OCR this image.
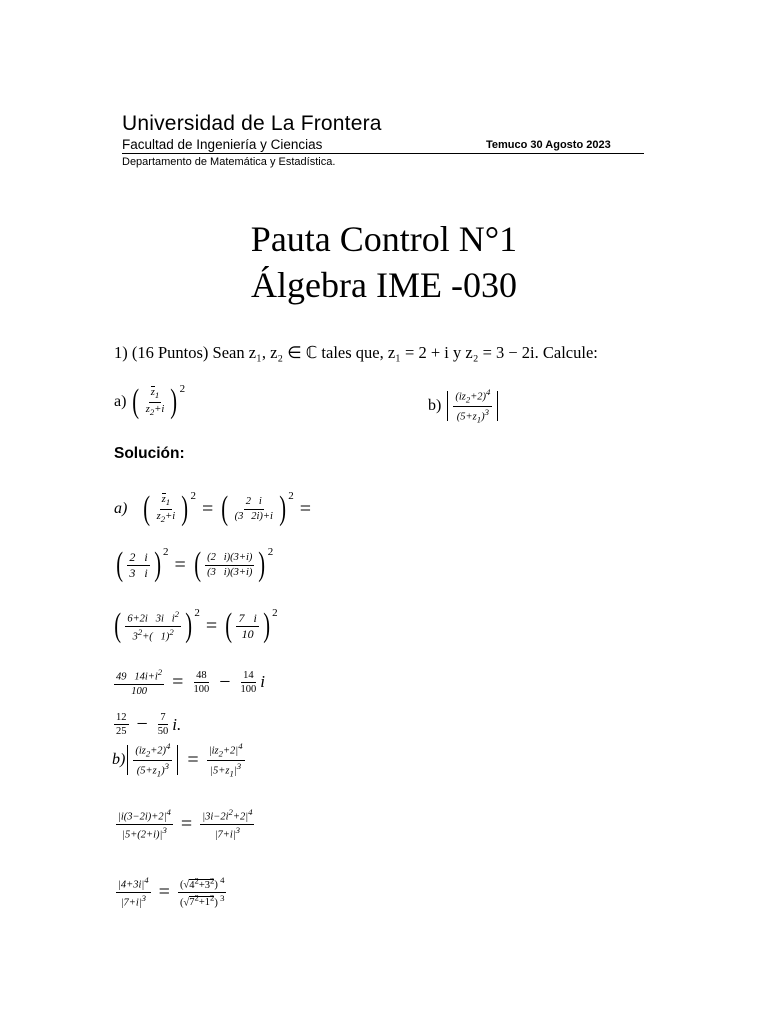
Universidad de La Frontera
Facultad de Ingeniería y Ciencias	Temuco 30 Agosto 2023
Departamento de Matemática y Estadística.
Pauta Control N°1
Álgebra IME -030
1) (16 Puntos) Sean z₁, z₂ ∈ ℂ tales que, z₁ = 2 + i y z₂ = 3 − 2i. Calcule:
a) ( $\frac{z_1}{z_2+i}$ ) 2
$b) \frac{(iz_2+2)^4}{(5+z_1)^3}$
Solución:
a) ( $\frac{z_1}{z_2+i}$ ) 2
= ( $\frac{2 i}{(3 2i)+i}$ ) 2
=
( $\frac{2 i}{3 i}$ ) 2
= ( $\frac{(2 i)(3+i)}{(3 i)(3+i)}$ ) 2
( $\frac{6+2i 3i i^2}{3^2+( 1)^2}$ ) 2
= ( $\frac{7 i}{10}$ ) 2
$\frac{49 14i+i^2}{100} = \frac{48}{100} - \frac{14}{100}$ i
$\frac{12}{25} - \frac{7}{50} i$.
$b) \frac{(iz_2+2)^4}{(5+z_1)^3} = \frac{|iz_2+2|^4}{|5+z_1|^3}$
$\frac{|i(3-2i)+2|^4}{|5+(2+i)|^3} = \frac{|3i-2i^2+2|^4}{|7+i|^3}$
$\frac{|4+3i|^4}{|7+i|^3} = \frac{(√4^2+3^2) ^4}{(√7^2+1^2) ^3}$
